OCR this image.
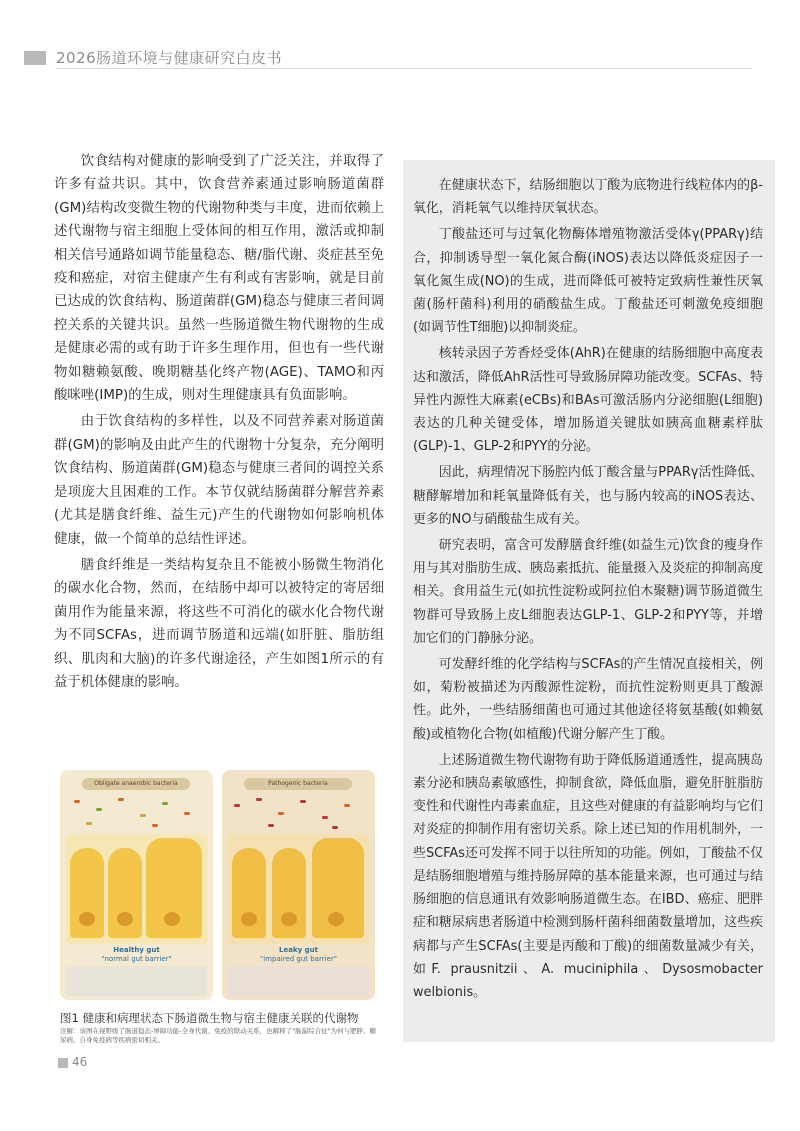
2026肠道环境与健康研究白皮书

饮食结构对健康的影响受到了广泛关注，并取得了许多有益共识。其中，饮食营养素通过影响肠道菌群(GM)结构改变微生物的代谢物种类与丰度，进而依赖上述代谢物与宿主细胞上受体间的相互作用，激活或抑制相关信号通路如调节能量稳态、糖/脂代谢、炎症甚至免疫和癌症，对宿主健康产生有利或有害影响，就是目前已达成的饮食结构、肠道菌群(GM)稳态与健康三者间调控关系的关键共识。虽然一些肠道微生物代谢物的生成是健康必需的或有助于许多生理作用，但也有一些代谢物如糖赖氨酸、晚期糖基化终产物(AGE)、TAMO和丙酸咪唑(IMP)的生成，则对生理健康具有负面影响。

由于饮食结构的多样性，以及不同营养素对肠道菌群(GM)的影响及由此产生的代谢物十分复杂，充分阐明饮食结构、肠道菌群(GM)稳态与健康三者间的调控关系是项庞大且困难的工作。本节仅就结肠菌群分解营养素(尤其是膳食纤维、益生元)产生的代谢物如何影响机体健康，做一个简单的总结性评述。

膳食纤维是一类结构复杂且不能被小肠微生物消化的碳水化合物，然而，在结肠中却可以被特定的寄居细菌用作为能量来源，将这些不可消化的碳水化合物代谢为不同SCFAs，进而调节肠道和远端(如肝脏、脂肪组织、肌肉和大脑)的许多代谢途径，产生如图1所示的有益于机体健康的影响。

Obligate anaerobic bacteria
Healthy gut
"normal gut barrier"
Pathogenic bacteria
Leaky gut
"impaired gut barrier"
图1 健康和病理状态下肠道微生物与宿主健康关联的代谢物
注解：该图在视野级了肠道稳态-屏障功能-全身代谢、免疫的联动关系，也解释了"肠漏综合征"为何与肥胖、糖尿病、自身免疫病等疾病密切相关。

在健康状态下，结肠细胞以丁酸为底物进行线粒体内的β-氧化，消耗氧气以维持厌氧状态。

丁酸盐还可与过氧化物酶体增殖物激活受体γ(PPARγ)结合，抑制诱导型一氧化氮合酶(iNOS)表达以降低炎症因子一氧化氮生成(NO)的生成，进而降低可被特定致病性兼性厌氧菌(肠杆菌科)利用的硝酸盐生成。丁酸盐还可刺激免疫细胞(如调节性T细胞)以抑制炎症。

核转录因子芳香烃受体(AhR)在健康的结肠细胞中高度表达和激活，降低AhR活性可导致肠屏障功能改变。SCFAs、特异性内源性大麻素(eCBs)和BAs可激活肠内分泌细胞(L细胞)表达的几种关键受体，增加肠道关键肽如胰高血糖素样肽(GLP)-1、GLP-2和PYY的分泌。

因此，病理情况下肠腔内低丁酸含量与PPARγ活性降低、糖酵解增加和耗氧量降低有关，也与肠内较高的iNOS表达、更多的NO与硝酸盐生成有关。

研究表明，富含可发酵膳食纤维(如益生元)饮食的瘦身作用与其对脂肪生成、胰岛素抵抗、能量摄入及炎症的抑制高度相关。食用益生元(如抗性淀粉或阿拉伯木聚糖)调节肠道微生物群可导致肠上皮L细胞表达GLP-1、GLP-2和PYY等，并增加它们的门静脉分泌。

可发酵纤维的化学结构与SCFAs的产生情况直接相关，例如，菊粉被描述为丙酸源性淀粉，而抗性淀粉则更具丁酸源性。此外，一些结肠细菌也可通过其他途径将氨基酸(如赖氨酸)或植物化合物(如植酸)代谢分解产生丁酸。

上述肠道微生物代谢物有助于降低肠道通透性，提高胰岛素分泌和胰岛素敏感性，抑制食欲，降低血脂，避免肝脏脂肪变性和代谢性内毒素血症，且这些对健康的有益影响均与它们对炎症的抑制作用有密切关系。除上述已知的作用机制外，一些SCFAs还可发挥不同于以往所知的功能。例如，丁酸盐不仅是结肠细胞增殖与维持肠屏障的基本能量来源，也可通过与结肠细胞的信息通讯有效影响肠道微生态。在IBD、癌症、肥胖症和糖尿病患者肠道中检测到肠杆菌科细菌数量增加，这些疾病都与产生SCFAs(主要是丙酸和丁酸)的细菌数量减少有关，如F. prausnitzii、A. muciniphila、Dysosmobacter welbionis。

46
